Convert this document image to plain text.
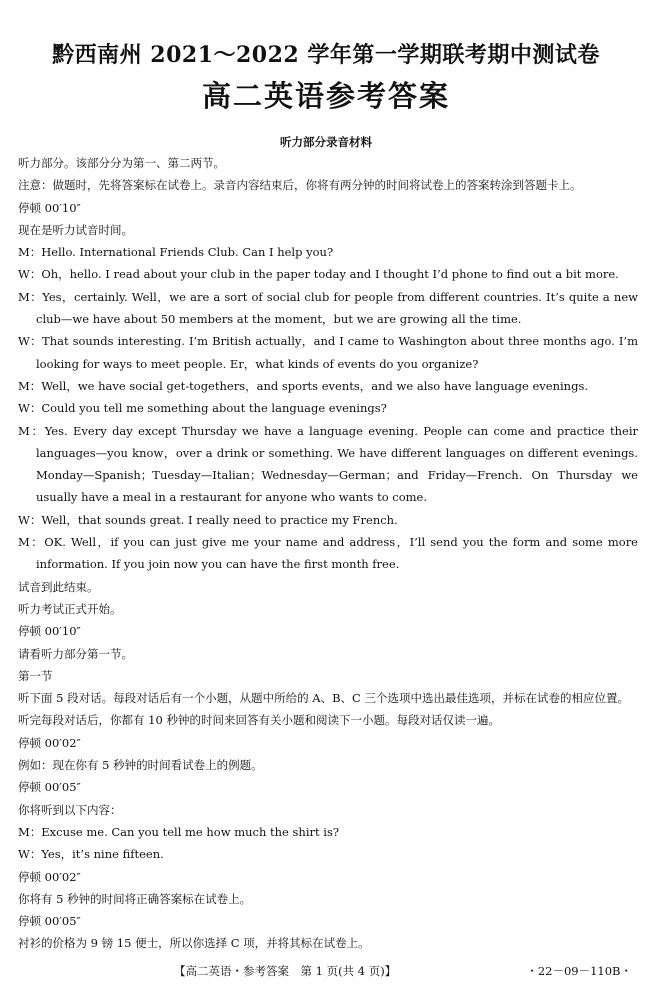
黔西南州 2021～2022 学年第一学期联考期中测试卷
高二英语参考答案
听力部分录音材料

听力部分。该部分分为第一、第二两节。

注意：做题时，先将答案标在试卷上。录音内容结束后，你将有两分钟的时间将试卷上的答案转涂到答题卡上。

停顿 00′10″

现在是听力试音时间。

M：Hello. International Friends Club. Can I help you?

W：Oh，hello. I read about your club in the paper today and I thought I’d phone to find out a bit more.

M：Yes，certainly. Well，we are a sort of social club for people from different countries. It’s quite a new club—we have about 50 members at the moment，but we are growing all the time.

W：That sounds interesting. I’m British actually，and I came to Washington about three months ago. I’m looking for ways to meet people. Er，what kinds of events do you organize?

M：Well，we have social get-togethers，and sports events，and we also have language evenings.

W：Could you tell me something about the language evenings?

M：Yes. Every day except Thursday we have a language evening. People can come and practice their languages—you know，over a drink or something. We have different languages on different evenings. Monday—Spanish；Tuesday—Italian；Wednesday—German；and Friday—French. On Thursday we usually have a meal in a restaurant for anyone who wants to come.

W：Well，that sounds great. I really need to practice my French.

M：OK. Well，if you can just give me your name and address，I’ll send you the form and some more information. If you join now you can have the first month free.

试音到此结束。

听力考试正式开始。

停顿 00′10″

请看听力部分第一节。

第一节

听下面 5 段对话。每段对话后有一个小题，从题中所给的 A、B、C 三个选项中选出最佳选项，并标在试卷的相应位置。听完每段对话后，你都有 10 秒钟的时间来回答有关小题和阅读下一小题。每段对话仅读一遍。

停顿 00′02″

例如：现在你有 5 秒钟的时间看试卷上的例题。

停顿 00′05″

你将听到以下内容：

M：Excuse me. Can you tell me how much the shirt is?

W：Yes，it’s nine fifteen.

停顿 00′02″

你将有 5 秒钟的时间将正确答案标在试卷上。

停顿 00′05″

衬衫的价格为 9 镑 15 便士，所以你选择 C 项，并将其标在试卷上。

【高二英语・参考答案　第 1 页(共 4 页)】	・22－09－110B・
